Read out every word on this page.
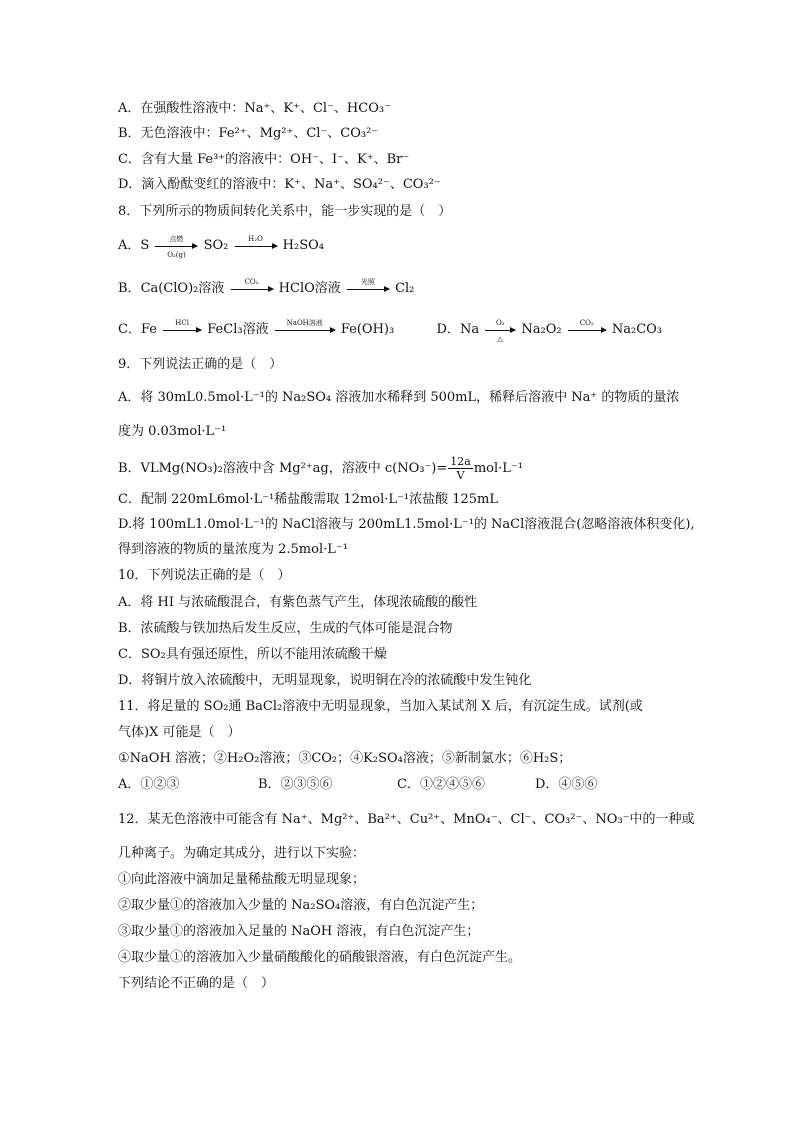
A．在强酸性溶液中：Na⁺、K⁺、Cl⁻、HCO₃⁻
B．无色溶液中：Fe²⁺、Mg²⁺、Cl⁻、CO₃²⁻
C．含有大量 Fe³⁺的溶液中：OH⁻、I⁻、K⁺、Br⁻
D．滴入酚酞变红的溶液中：K⁺、Na⁺、SO₄²⁻、CO₃²⁻
8．下列所示的物质间转化关系中，能一步实现的是（　）
A．S	点燃
O₂(g)
SO₂	H₂O	H₂SO₄
B．Ca(ClO)₂溶液	CO₂	HClO溶液	光照	Cl₂
C．Fe	HCl	FeCl₃溶液	NaOH溶液	Fe(OH)₃	D．Na	O₂
△
Na₂O₂	CO₂	Na₂CO₃
9．下列说法正确的是（　）
A．将 30mL0.5mol·L⁻¹的 Na₂SO₄ 溶液加水稀释到 500mL，稀释后溶液中 Na⁺ 的物质的量浓
度为 0.03mol·L⁻¹
B．VLMg(NO₃)₂溶液中含 Mg²⁺ag，溶液中 $c(NO_3^-)= \frac{12a}{V} mol\cdot L^{-1}$
C．配制 220mL6mol·L⁻¹稀盐酸需取 12mol·L⁻¹浓盐酸 125mL
D.将 100mL1.0mol·L⁻¹的 NaCl溶液与 200mL1.5mol·L⁻¹的 NaCl溶液混合(忽略溶液体积变化),
得到溶液的物质的量浓度为 2.5mol·L⁻¹
10．下列说法正确的是（　）
A．将 HI 与浓硫酸混合，有紫色蒸气产生，体现浓硫酸的酸性
B．浓硫酸与铁加热后发生反应，生成的气体可能是混合物
C．SO₂具有强还原性，所以不能用浓硫酸干燥
D．将铜片放入浓硫酸中，无明显现象，说明铜在冷的浓硫酸中发生钝化
11．将足量的 SO₂通 BaCl₂溶液中无明显现象，当加入某试剂 X 后，有沉淀生成。试剂(或
气体)X 可能是（　）
①NaOH 溶液；②H₂O₂溶液；③CO₂；④K₂SO₄溶液；⑤新制氯水；⑥H₂S；
A．①②③	B．②③⑤⑥	C．①②④⑤⑥	D．④⑤⑥
12．某无色溶液中可能含有 Na⁺、Mg²⁺、Ba²⁺、Cu²⁺、MnO₄⁻、Cl⁻、CO₃²⁻、NO₃⁻中的一种或
几种离子。为确定其成分，进行以下实验：
①向此溶液中滴加足量稀盐酸无明显现象；
②取少量①的溶液加入少量的 Na₂SO₄溶液，有白色沉淀产生；
③取少量①的溶液加入足量的 NaOH 溶液，有白色沉淀产生；
④取少量①的溶液加入少量硝酸酸化的硝酸银溶液，有白色沉淀产生。
下列结论不正确的是（　）
